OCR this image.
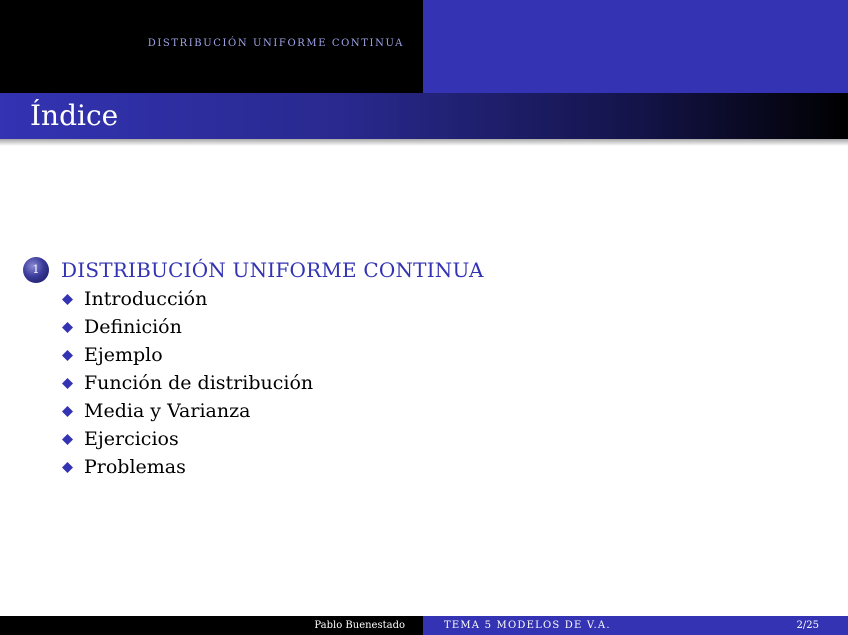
DISTRIBUCIÓN UNIFORME CONTINUA
Índice
1	DISTRIBUCIÓN UNIFORME CONTINUA
Introducción
Definición
Ejemplo
Función de distribución
Media y Varianza
Ejercicios
Problemas
Pablo Buenestado	TEMA 5 MODELOS DE V.A.	2/25
